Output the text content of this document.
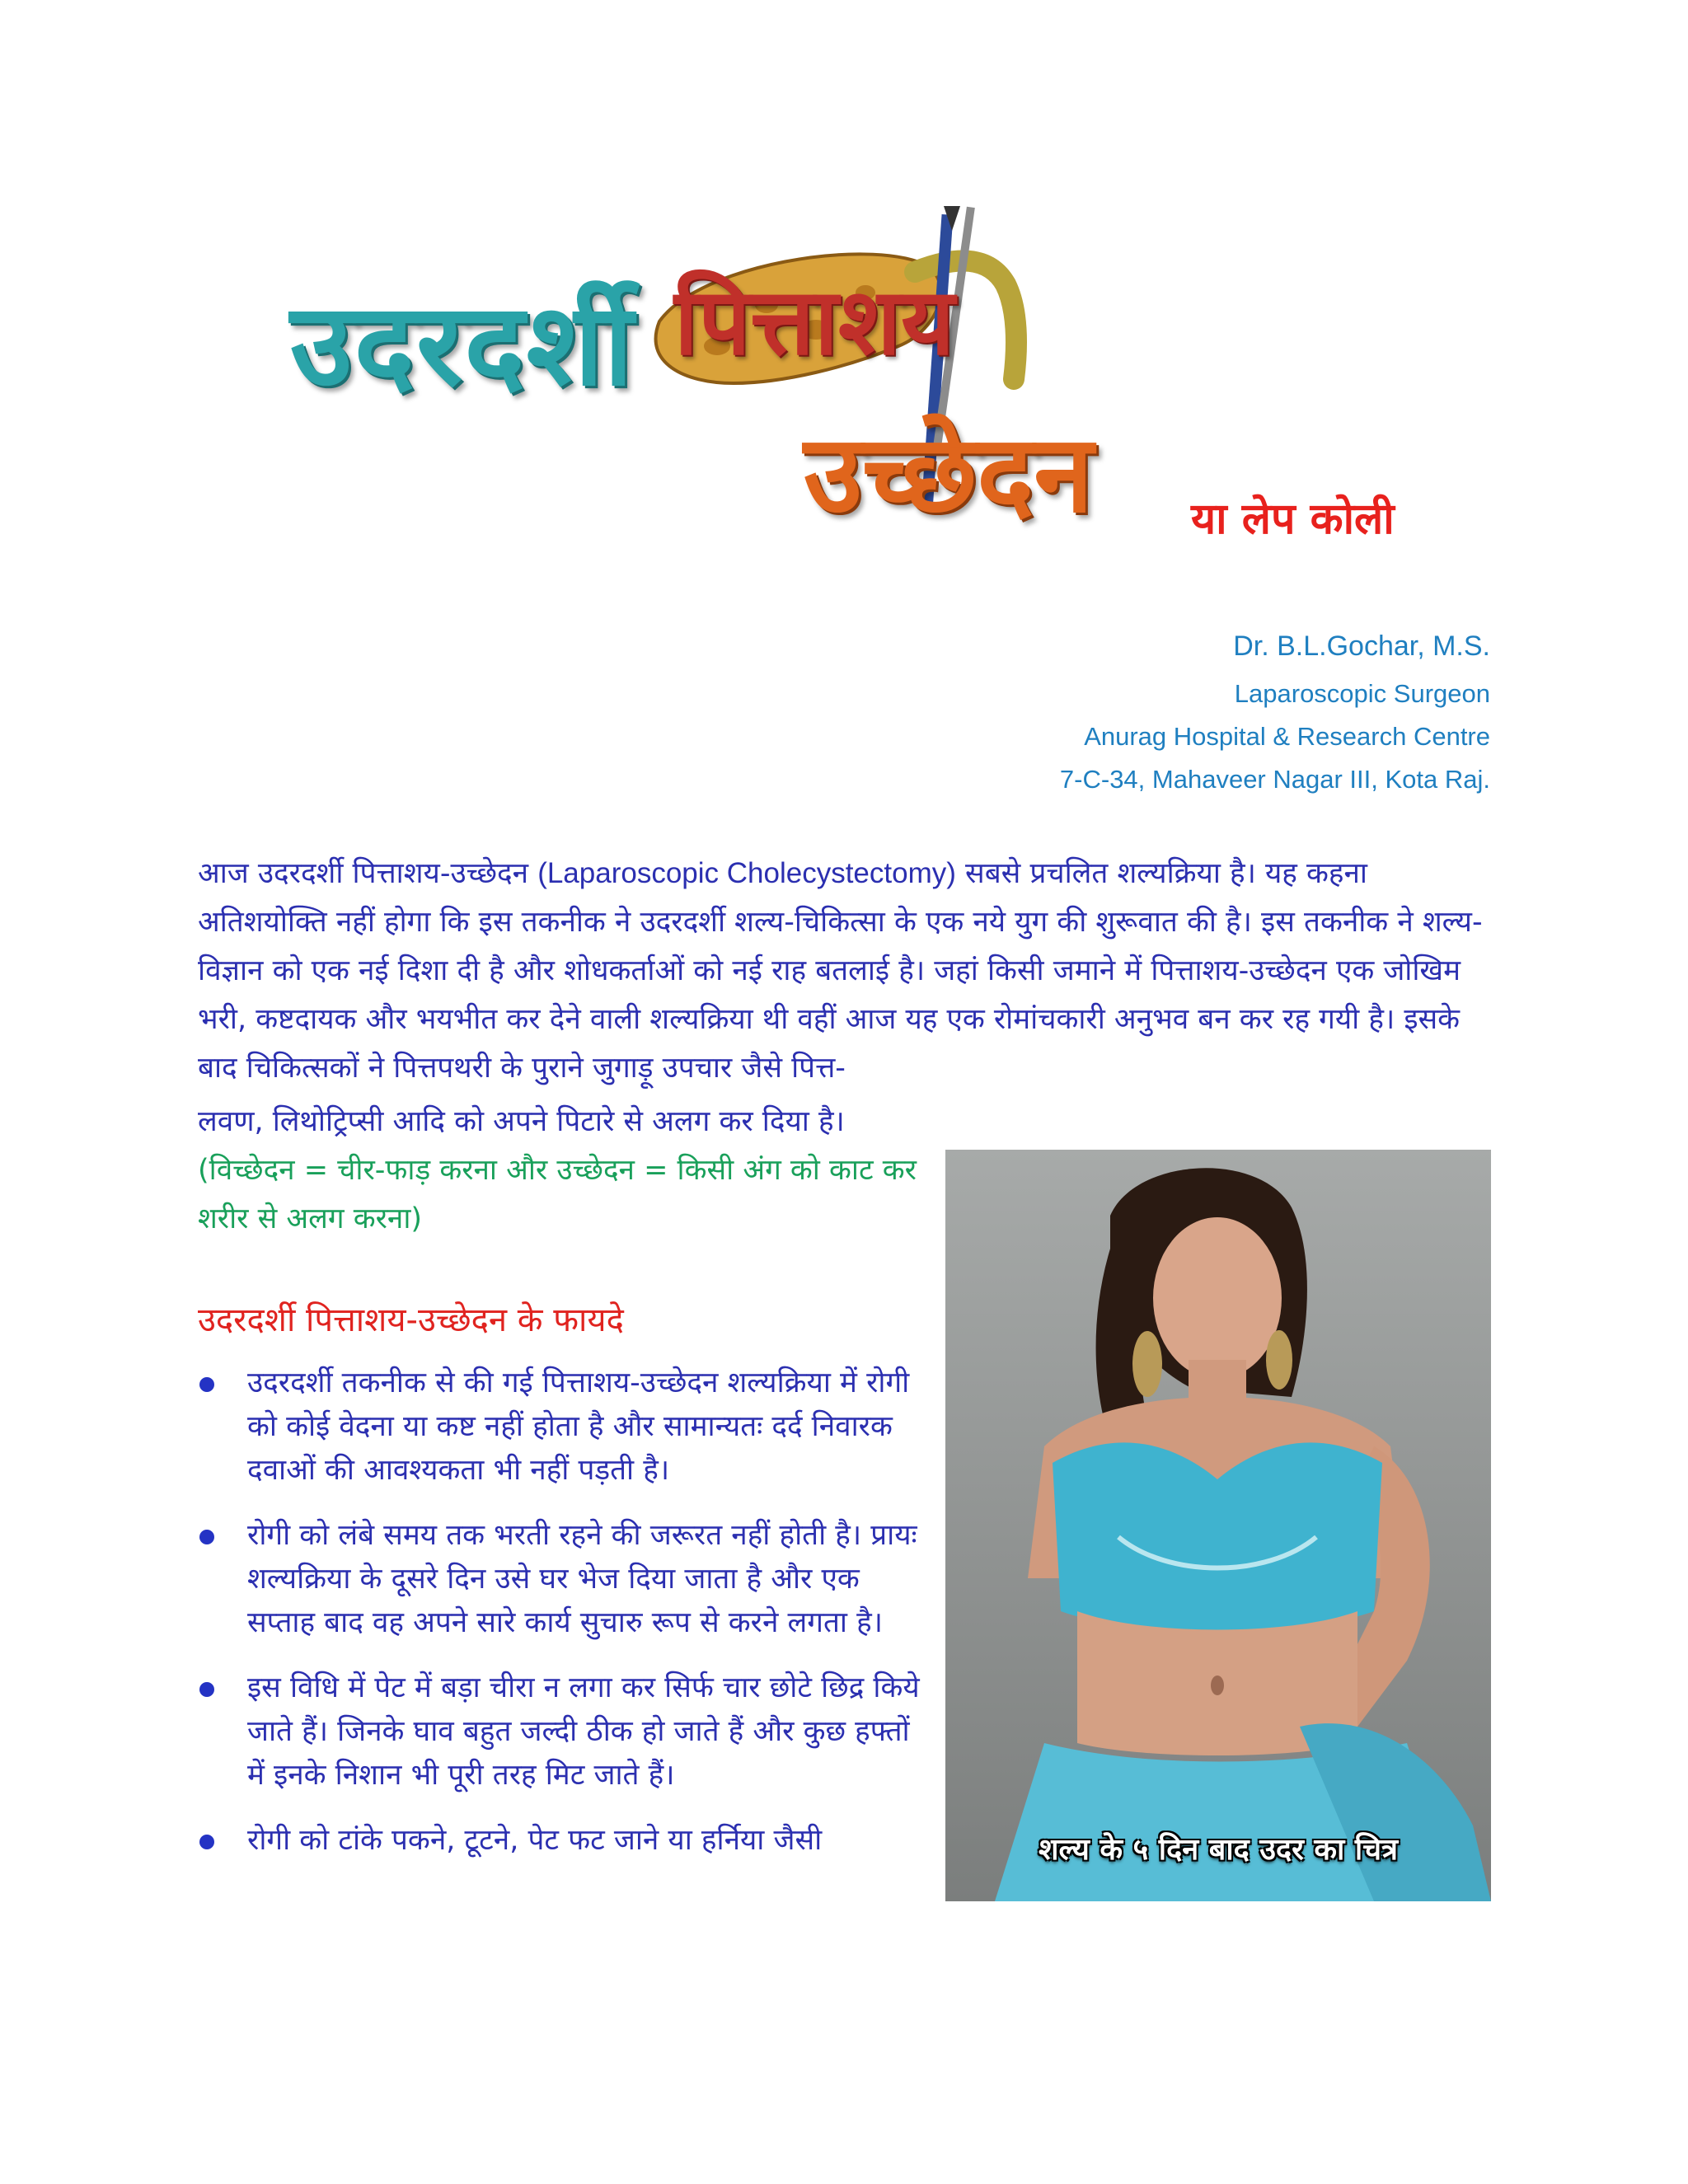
उदरदर्शी पित्ताशय
उच्छेदन या लेप कोली
Dr. B.L.Gochar, M.S.
Laparoscopic Surgeon
Anurag Hospital & Research Centre
7-C-34, Mahaveer Nagar III, Kota Raj.
आज उदरदर्शी पित्ताशय-उच्छेदन (Laparoscopic Cholecystectomy) सबसे प्रचलित शल्यक्रिया है। यह कहना अतिशयोक्ति नहीं होगा कि इस तकनीक ने उदरदर्शी शल्य-चिकित्सा के एक नये युग की शुरूवात की है। इस तकनीक ने शल्य-विज्ञान को एक नई दिशा दी है और शोधकर्ताओं को नई राह बतलाई है। जहां किसी जमाने में पित्ताशय-उच्छेदन एक जोखिम भरी, कष्टदायक और भयभीत कर देने वाली शल्यक्रिया थी वहीं आज यह एक रोमांचकारी अनुभव बन कर रह गयी है। इसके बाद चिकित्सकों ने पित्तपथरी के पुराने जुगाड़ू उपचार जैसे पित्त-
लवण, लिथोट्रिप्सी आदि को अपने पिटारे से अलग कर दिया है। (विच्छेदन = चीर-फाड़ करना और उच्छेदन = किसी अंग को काट कर शरीर से अलग करना)
उदरदर्शी पित्ताशय-उच्छेदन के फायदे
उदरदर्शी तकनीक से की गई पित्ताशय-उच्छेदन शल्यक्रिया में रोगी को कोई वेदना या कष्ट नहीं होता है और सामान्यतः दर्द निवारक दवाओं की आवश्यकता भी नहीं पड़ती है।
रोगी को लंबे समय तक भरती रहने की जरूरत नहीं होती है। प्रायः शल्यक्रिया के दूसरे दिन उसे घर भेज दिया जाता है और एक सप्ताह बाद वह अपने सारे कार्य सुचारु रूप से करने लगता है।
इस विधि में पेट में बड़ा चीरा न लगा कर सिर्फ चार छोटे छिद्र किये जाते हैं। जिनके घाव बहुत जल्दी ठीक हो जाते हैं और कुछ हफ्तों में इनके निशान भी पूरी तरह मिट जाते हैं।
रोगी को टांके पकने, टूटने, पेट फट जाने या हर्निया जैसी	शल्य के ५ दिन बाद उदर का चित्र
